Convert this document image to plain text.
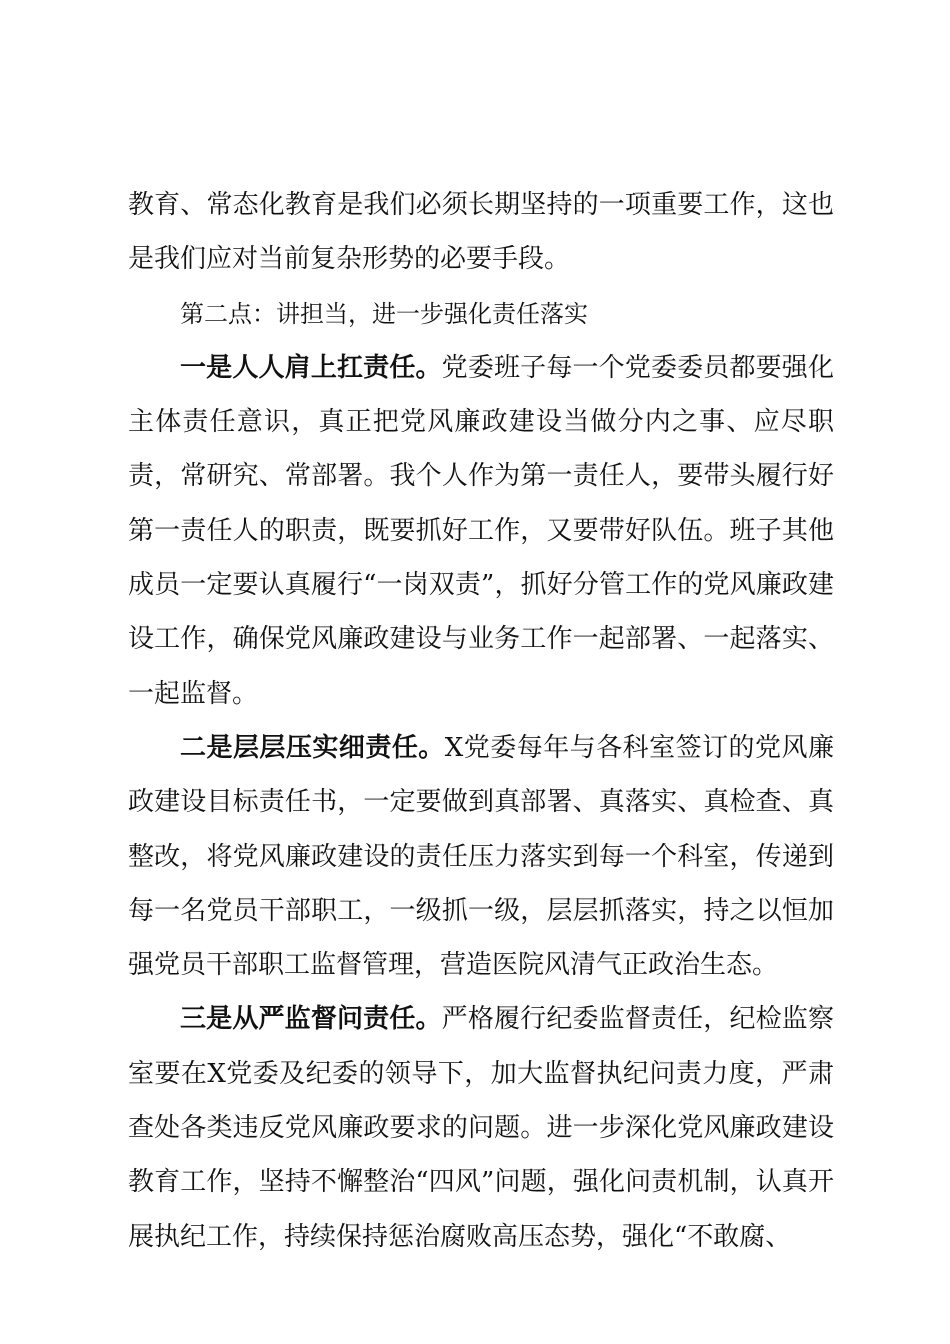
教育、常态化教育是我们必须长期坚持的一项重要工作，这也是我们应对当前复杂形势的必要手段。

第二点：讲担当，进一步强化责任落实

一是人人肩上扛责任。党委班子每一个党委委员都要强化主体责任意识，真正把党风廉政建设当做分内之事、应尽职责，常研究、常部署。我个人作为第一责任人，要带头履行好第一责任人的职责，既要抓好工作，又要带好队伍。班子其他成员一定要认真履行“一岗双责”，抓好分管工作的党风廉政建设工作，确保党风廉政建设与业务工作一起部署、一起落实、一起监督。

二是层层压实细责任。X党委每年与各科室签订的党风廉政建设目标责任书，一定要做到真部署、真落实、真检查、真整改，将党风廉政建设的责任压力落实到每一个科室，传递到每一名党员干部职工，一级抓一级，层层抓落实，持之以恒加强党员干部职工监督管理，营造医院风清气正政治生态。

三是从严监督问责任。严格履行纪委监督责任，纪检监察室要在X党委及纪委的领导下，加大监督执纪问责力度，严肃查处各类违反党风廉政要求的问题。进一步深化党风廉政建设教育工作，坚持不懈整治“四风”问题，强化问责机制，认真开展执纪工作，持续保持惩治腐败高压态势，强化“不敢腐、
